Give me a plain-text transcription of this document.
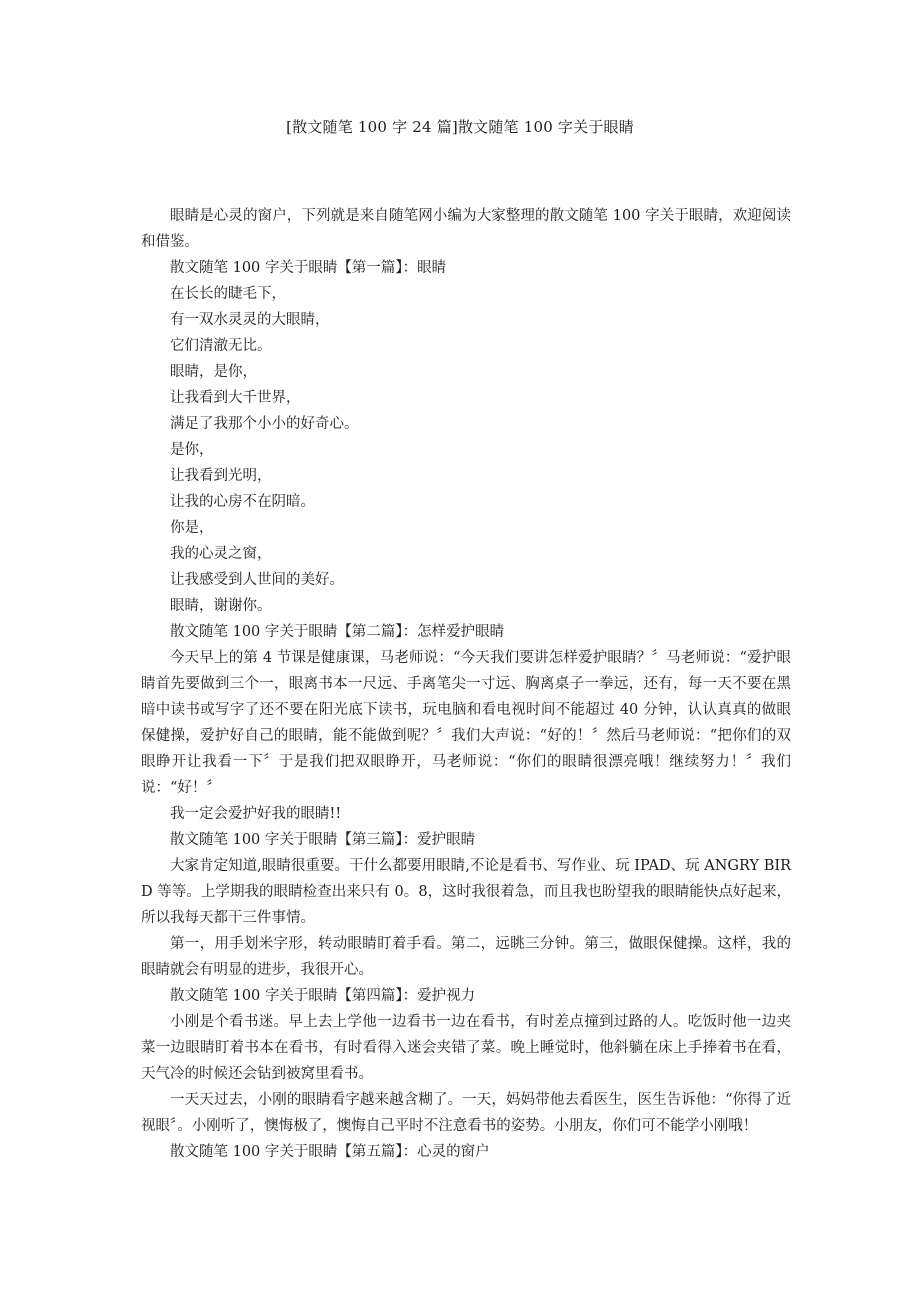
[散文随笔 100 字 24 篇]散文随笔 100 字关于眼睛

眼睛是心灵的窗户，下列就是来自随笔网小编为大家整理的散文随笔 100 字关于眼睛，欢迎阅读和借鉴。

散文随笔 100 字关于眼睛【第一篇】：眼睛

在长长的睫毛下，

有一双水灵灵的大眼睛，

它们清澈无比。

眼睛，是你，

让我看到大千世界，

满足了我那个小小的好奇心。

是你，

让我看到光明，

让我的心房不在阴暗。

你是，

我的心灵之窗，

让我感受到人世间的美好。

眼睛，谢谢你。

散文随笔 100 字关于眼睛【第二篇】：怎样爱护眼睛

今天早上的第 4 节课是健康课，马老师说：“今天我们要讲怎样爱护眼睛？〞马老师说：“爱护眼睛首先要做到三个一，眼离书本一尺远、手离笔尖一寸远、胸离桌子一拳远，还有，每一天不要在黑暗中读书或写字了还不要在阳光底下读书，玩电脑和看电视时间不能超过 40 分钟，认认真真的做眼保健操，爱护好自己的眼睛，能不能做到呢？〞我们大声说：“好的！〞然后马老师说：“把你们的双眼睁开让我看一下〞于是我们把双眼睁开，马老师说：“你们的眼睛很漂亮哦！继续努力！〞我们说：“好！〞

我一定会爱护好我的眼睛!!

散文随笔 100 字关于眼睛【第三篇】：爱护眼睛

大家肯定知道,眼睛很重要。干什么都要用眼睛,不论是看书、写作业、玩 IPAD、玩 ANGRY BIRD 等等。上学期我的眼睛检查出来只有 0。8，这时我很着急，而且我也盼望我的眼睛能快点好起来，所以我每天都干三件事情。

第一，用手划米字形，转动眼睛盯着手看。第二，远眺三分钟。第三，做眼保健操。这样，我的眼睛就会有明显的进步，我很开心。

散文随笔 100 字关于眼睛【第四篇】：爱护视力

小刚是个看书迷。早上去上学他一边看书一边在看书，有时差点撞到过路的人。吃饭时他一边夹菜一边眼睛盯着书本在看书，有时看得入迷会夹错了菜。晚上睡觉时，他斜躺在床上手捧着书在看，天气冷的时候还会钻到被窝里看书。

一天天过去，小刚的眼睛看字越来越含糊了。一天，妈妈带他去看医生，医生告诉他：“你得了近视眼〞。小刚听了，懊悔极了，懊悔自己平时不注意看书的姿势。小朋友，你们可不能学小刚哦！

散文随笔 100 字关于眼睛【第五篇】：心灵的窗户
